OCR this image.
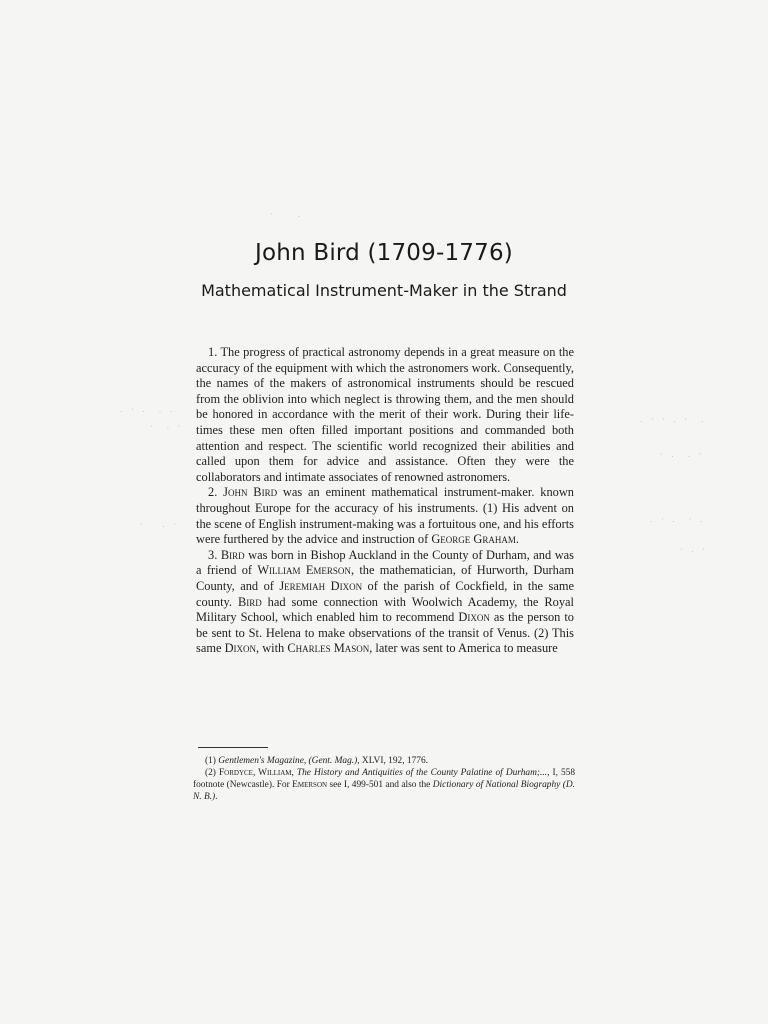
John Bird (1709-1776)
Mathematical Instrument-Maker in the Strand

1. The progress of practical astronomy depends in a great measure on the accuracy of the equipment with which the astronomers work. Consequently, the names of the makers of astronomical instruments should be rescued from the oblivion into which neglect is throwing them, and the men should be honored in accordance with the merit of their work. During their life-times these men often filled important positions and commanded both attention and respect. The scientific world recognized their abilities and called upon them for advice and assistance. Often they were the collaborators and intimate associates of renowned astronomers.

2. John Bird was an eminent mathematical instrument-maker. known throughout Europe for the accuracy of his instruments. (1) His advent on the scene of English instrument-making was a fortuitous one, and his efforts were furthered by the advice and instruction of George Graham.

3. Bird was born in Bishop Auckland in the County of Durham, and was a friend of William Emerson, the mathematician, of Hurworth, Durham County, and of Jeremiah Dixon of the parish of Cockfield, in the same county. Bird had some connection with Woolwich Academy, the Royal Military School, which enabled him to recommend Dixon as the person to be sent to St. Helena to make observations of the transit of Venus. (2) This same Dixon, with Charles Mason, later was sent to America to measure

(1) Gentlemen's Magazine, (Gent. Mag.), XLVI, 192, 1776.

(2) Fordyce, William, The History and Antiquities of the County Palatine of Durham;..., I, 558 footnote (Newcastle). For Emerson see I, 499-501 and also the Dictionary of National Biography (D. N. B.).

. · .  . .
·  . ·
·   . ·
. · · . ·  .
· .  . ·
. · .  · .
· . ·
·    .
